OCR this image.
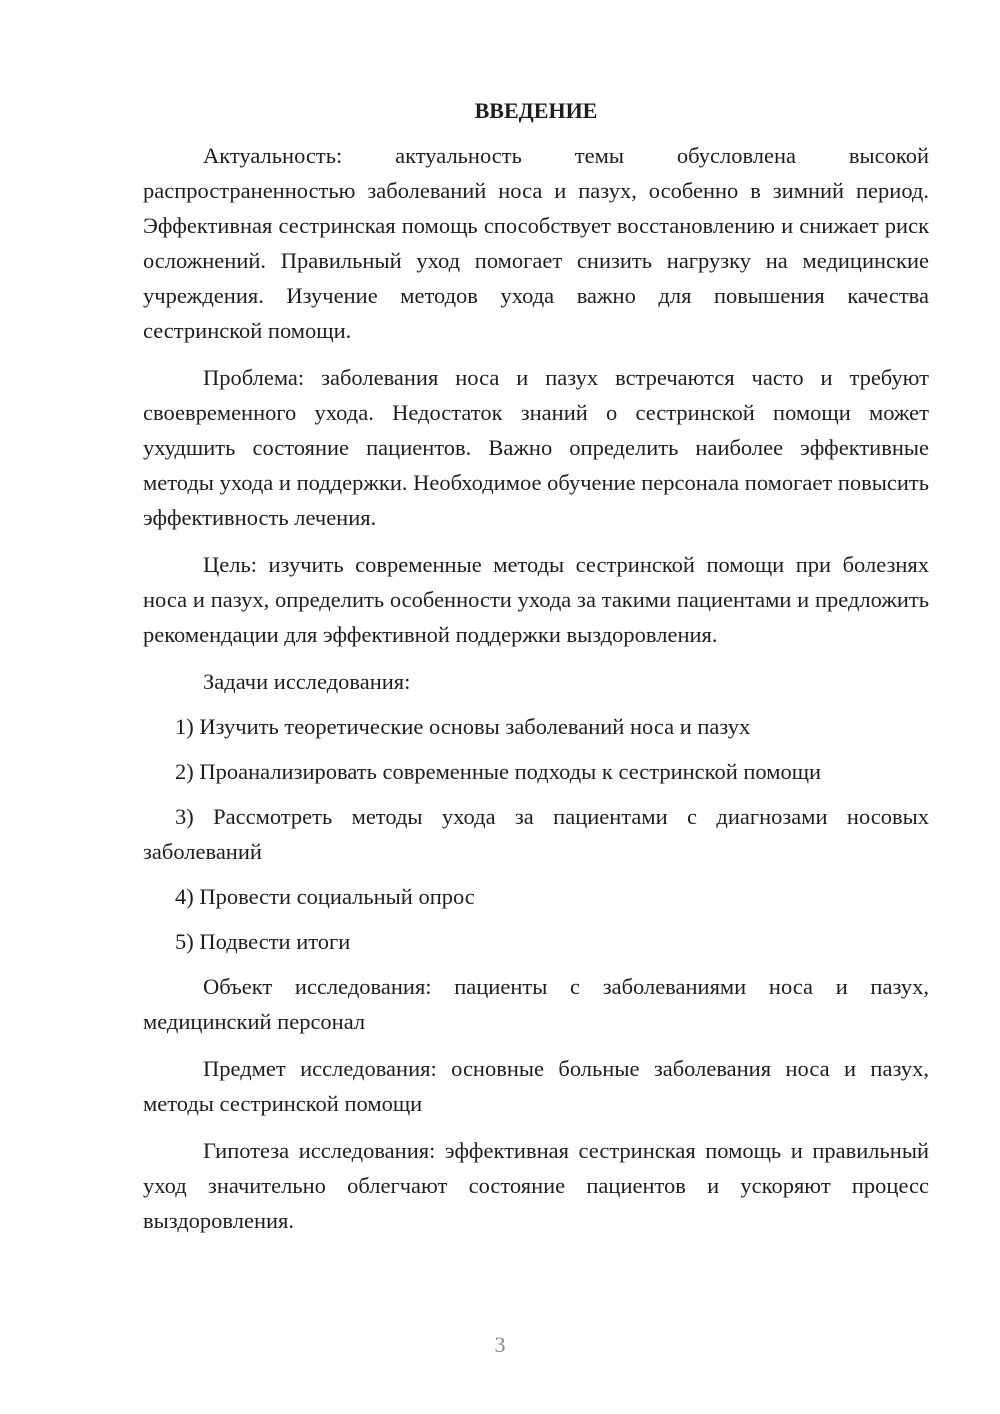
ВВЕДЕНИЕ

Актуальность: актуальность темы обусловлена высокой распространенностью заболеваний носа и пазух, особенно в зимний период. Эффективная сестринская помощь способствует восстановлению и снижает риск осложнений. Правильный уход помогает снизить нагрузку на медицинские учреждения. Изучение методов ухода важно для повышения качества сестринской помощи.

Проблема: заболевания носа и пазух встречаются часто и требуют своевременного ухода. Недостаток знаний о сестринской помощи может ухудшить состояние пациентов. Важно определить наиболее эффективные методы ухода и поддержки. Необходимое обучение персонала помогает повысить эффективность лечения.

Цель: изучить современные методы сестринской помощи при болезнях носа и пазух, определить особенности ухода за такими пациентами и предложить рекомендации для эффективной поддержки выздоровления.

Задачи исследования:

1) Изучить теоретические основы заболеваний носа и пазух

2) Проанализировать современные подходы к сестринской помощи

3) Рассмотреть методы ухода за пациентами с диагнозами носовых заболеваний

4) Провести социальный опрос

5) Подвести итоги

Объект исследования: пациенты с заболеваниями носа и пазух, медицинский персонал

Предмет исследования: основные больные заболевания носа и пазух, методы сестринской помощи

Гипотеза исследования: эффективная сестринская помощь и правильный уход значительно облегчают состояние пациентов и ускоряют процесс выздоровления.

3
